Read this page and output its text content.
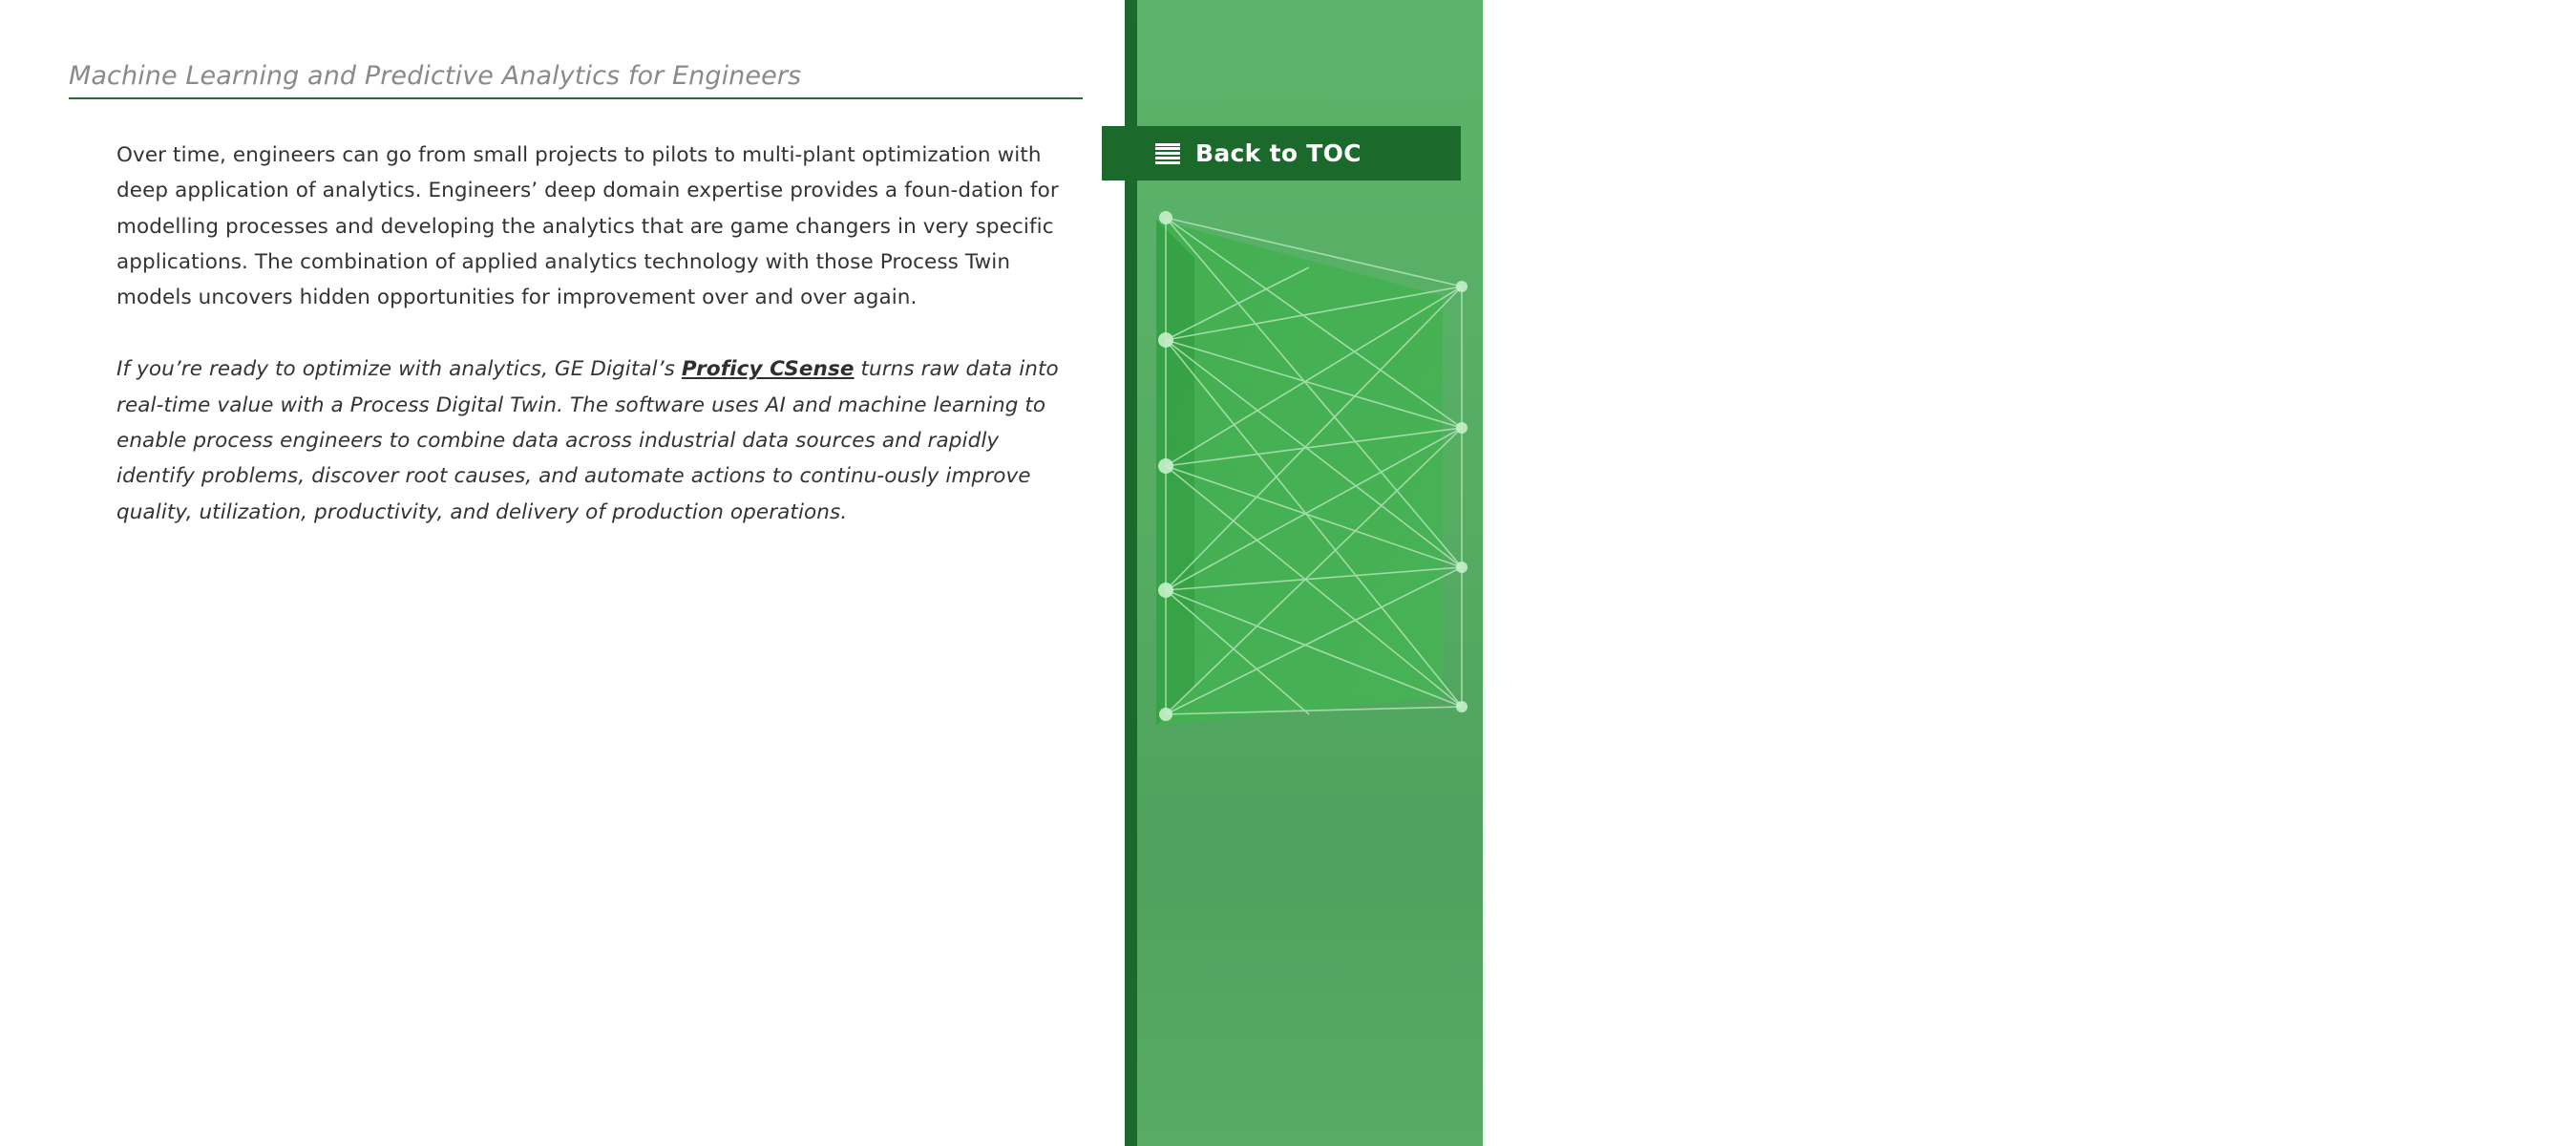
Machine Learning and Predictive Analytics for Engineers

Over time, engineers can go from small projects to pilots to multi-plant optimization with deep application of analytics. Engineers’ deep domain expertise provides a foun-dation for modelling processes and developing the analytics that are game changers in very specific applications. The combination of applied analytics technology with those Process Twin models uncovers hidden opportunities for improvement over and over again.

If you’re ready to optimize with analytics, GE Digital’s Proficy CSense turns raw data into real-time value with a Process Digital Twin. The software uses AI and machine learning to enable process engineers to combine data across industrial data sources and rapidly identify problems, discover root causes, and automate actions to continu-ously improve quality, utilization, productivity, and delivery of production operations.

30
Back to TOC
